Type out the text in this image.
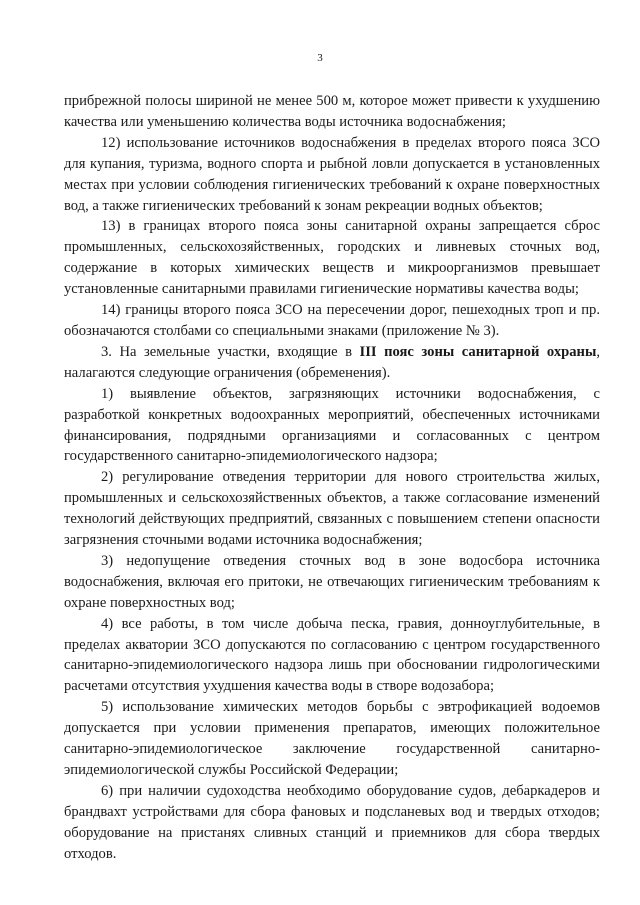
3

прибрежной полосы шириной не менее 500 м, которое может привести к ухудшению качества или уменьшению количества воды источника водоснабжения;

12) использование источников водоснабжения в пределах второго пояса ЗСО для купания, туризма, водного спорта и рыбной ловли допускается в установленных местах при условии соблюдения гигиенических требований к охране поверхностных вод, а также гигиенических требований к зонам рекреации водных объектов;

13) в границах второго пояса зоны санитарной охраны запрещается сброс промышленных, сельскохозяйственных, городских и ливневых сточных вод, содержание в которых химических веществ и микроорганизмов превышает установленные санитарными правилами гигиенические нормативы качества воды;

14) границы второго пояса ЗСО на пересечении дорог, пешеходных троп и пр. обозначаются столбами со специальными знаками (приложение № 3).

3. На земельные участки, входящие в III пояс зоны санитарной охраны, налагаются следующие ограничения (обременения).

1) выявление объектов, загрязняющих источники водоснабжения, с разработкой конкретных водоохранных мероприятий, обеспеченных источниками финансирования, подрядными организациями и согласованных с центром государственного санитарно-эпидемиологического надзора;

2) регулирование отведения территории для нового строительства жилых, промышленных и сельскохозяйственных объектов, а также согласование изменений технологий действующих предприятий, связанных с повышением степени опасности загрязнения сточными водами источника водоснабжения;

3) недопущение отведения сточных вод в зоне водосбора источника водоснабжения, включая его притоки, не отвечающих гигиеническим требованиям к охране поверхностных вод;

4) все работы, в том числе добыча песка, гравия, донноуглубительные, в пределах акватории ЗСО допускаются по согласованию с центром государственного санитарно-эпидемиологического надзора лишь при обосновании гидрологическими расчетами отсутствия ухудшения качества воды в створе водозабора;

5) использование химических методов борьбы с эвтрофикацией водоемов допускается при условии применения препаратов, имеющих положительное санитарно-эпидемиологическое заключение государственной санитарно-эпидемиологической службы Российской Федерации;

6) при наличии судоходства необходимо оборудование судов, дебаркадеров и брандвахт устройствами для сбора фановых и подсланевых вод и твердых отходов; оборудование на пристанях сливных станций и приемников для сбора твердых отходов.
